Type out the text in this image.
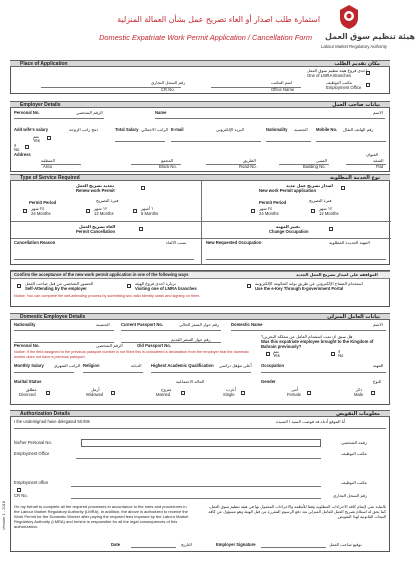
استمارة طلب اصدار أو الغاء تصريح عمل بشأن العمالة المنزلية
Domestic Expatriate Work Permit Application / Cancellation Form هيئة تنظيم سوق العمل
Labour Market Regulatory Authority
Place of Application	مكان تقديم الطلب
احدى فروع هيئة تنظيم سوق العمل
One of LMRA Branches
مكتب التوظيف
Employment Office
اسم المكتب
Office Name
رقم السجل التجاري
CR No.
Employer Details	بيانات صاحب العمل
Personal No.	الرقم الشخصي	Name	الاسم
Add wife's salary	دمج راتب الزوجة	Total Salary الراتب الاجمالي E-mail	البريد الإلكتروني	Nationality الجنسية Mobile No. رقم الهاتف النقال
نعم
Yes
لا
No
Address	العنوان
المنطقة
Area
المجمع
Block No.
الطريق
Road No.
المبنى
Building No.
الشقة
Flat
Type of Service Required	نوع الخدمة المطلوبة
تجديد تصريح العمل
Renew work Permit
اصدار تصريح عمل جديد
New work Permit application
فترة التصريح
Permit Period
٢٤ شهر
24 Months
١٢ شهر
12 Months
٦ أشهر
6 Months
فترة التصريح
Permit Period
٢٤ شهر
24 Months
١٢ شهر
12 Months
الغاء تصريح العمل
Permit Cancellation
تغيير المهنة
Change Occupation
Cancellation Reason	سبب الالغاء	New Requested Occupation	المهنة الجديدة المطلوبة
Confirm the acceptance of the new work permit application in one of the following ways	الموافقة على اصدار تصريح العمل الجديد
الحضور الشخصي من قبل صاحب العمل
Self-Attending by the employer
بزيارة احدى فروع الهيئة
Visiting one of LMRA branches
استخدام المفتاح الإلكتروني عن طريق بوابة الحكومة الإلكترونية
Use the e-Key Through E-government Portal
Notice: You can complete the self-attending process by submitting two valid identity cards and signing on them.
Domestic Employee Details	بيانات العامل المنزلي
Nationality	الجنسية	Current Passport No.	رقم جواز السفر الحالي	Domestic Name	الاسم
Personal No.	الرقم الشخصي	Old Passport No.
رقم جواز السفر القديم
هل سبق ان تمت استقدام العامل من مملكة البحرين؟
Was this expatriate employee brought to the Kingdom of Bahrain previously?
نعم
Yes
لا
No
Notice: If the field assigned to the previous passport number is not filled this is considered a declaration from the employer that the domestic worker does not have a previous passport.
Monthly Salary الراتب الشهري Religion	الديانة Highest Academic Qualification أعلى مؤهل دراسي Occupation	المهنة
Marital Status	الحالة الاجتماعية	Gender	النوع
مطلق
Divorced
أرمل
Widowed
متزوج
Married
أعزب
Single
أنثى
Female
ذكر
Male
Authorization Details	معلومات التفويض
I the undersigned have delegated Mr./Ms	أنا الموقع أدناه قد فوضت السيد / السيدة
his/her Personal No.	رقمه الشخصي
Employment Office	مكتب التوظيف
Employment office
CR No.
مكتب التوظيف
رقم السجل التجاري
On my behalf to complete all the required processes in accordance to the rules and procedures in the Labour Market Regulatory Authority (LMRA). In addition, the above is authorized to receive the Work Permit for the Domestic Worker after paying the required fees imposed by the Labour Market Regulatory Authority (LMRA) and he/she is responsible for all the legal consequences of this authorization.
بالنيابة عني لإتمام كافة الاجراءات المطلوبة وفقا للأنظمة والاجراءات المعمول بها في هيئة تنظيم سوق العمل، كما يحق له استلام تصريح العمل للعامل المنزلي بعد دفع الرسوم المقررة من قبل الهيئة وهو مسؤول عن كافة التبعات القانونية لهذا التفويض.
Date	التاريخ	Employer Signature	توقيع صاحب العمل
Version 1 - 2018
